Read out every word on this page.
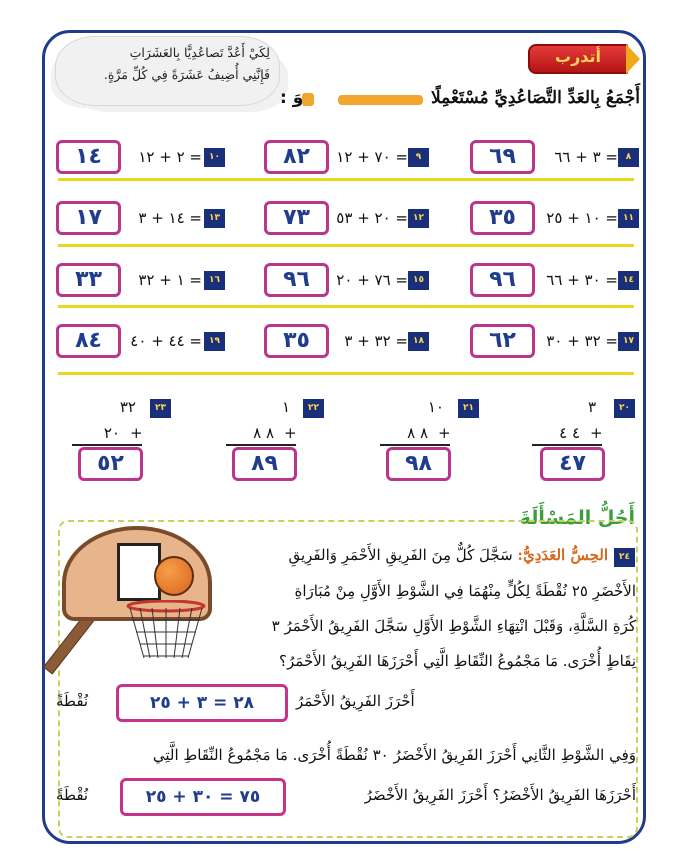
لِكَيْ أَعُدَّ تَصاعُدِيًّا بِالعَشَرَاتِ
فَإِنَّنِي أُضِيفُ عَشَرَةً فِي كُلِّ مَرَّةٍ.
أتدرب
أَجْمَعُ بِالعَدِّ التَّصَاعُدِيِّ مُسْتَعْمِلًا
وَ :
٨
= ٣ + ٦٦
٦٩
٩
= ٧٠ + ١٢
٨٢
١٠
= ٢ + ١٢
١٤
١١
= ١٠ + ٢٥
٣٥
١٢
= ٢٠ + ٥٣
٧٣
١٣
= ١٤ + ٣
١٧
١٤
= ٣٠ + ٦٦
٩٦
١٥
= ٧٦ + ٢٠
٩٦
١٦
= ١ + ٣٢
٣٣
١٧
= ٣٢ + ٣٠
٦٢
١٨
= ٣٢ + ٣
٣٥
١٩
= ٤٤ + ٤٠
٨٤
٢٠
٣
٤ ٤ +
٤٧
٢١
١٠
٨ ٨ +
٩٨
٢٢
١
٨ ٨ +
٨٩
٢٣
٣٢
٢٠ +
٥٢
أَحُلُّ المَسْأَلَةَ
٢٤
الحِسُّ العَدَدِيُّ: سَجَّلَ كُلٌّ مِنَ الفَرِيقِ الأَحْمَرِ وَالفَرِيقِ
الأَخْضَرِ ٢٥ نُقْطَةً لِكُلٍّ مِنْهُمَا فِي الشَّوْطِ الأَوَّلِ مِنْ مُبَارَاةِ
كُرَةِ السَّلَّةِ، وَقَبْلَ انْتِهَاءِ الشَّوْطِ الأَوَّلِ سَجَّلَ الفَرِيقُ الأَحْمَرُ ٣
نِقَاطٍ أُخْرَى. مَا مَجْمُوعُ النِّقَاطِ الَّتِي أَحْرَزَهَا الفَرِيقُ الأَحْمَرُ؟
أَحْرَزَ الفَرِيقُ الأَحْمَرُ
٢٨ = ٣ + ٢٥
نُقْطَةً
وَفِي الشَّوْطِ الثَّانِي أَحْرَزَ الفَرِيقُ الأَخْضَرُ ٣٠ نُقْطَةً أُخْرَى. مَا مَجْمُوعُ النِّقَاطِ الَّتِي
أَحْرَزَهَا الفَرِيقُ الأَخْضَرُ؟ أَحْرَزَ الفَرِيقُ الأَخْضَرُ
٧٥ = ٣٠ + ٢٥
نُقْطَةً
